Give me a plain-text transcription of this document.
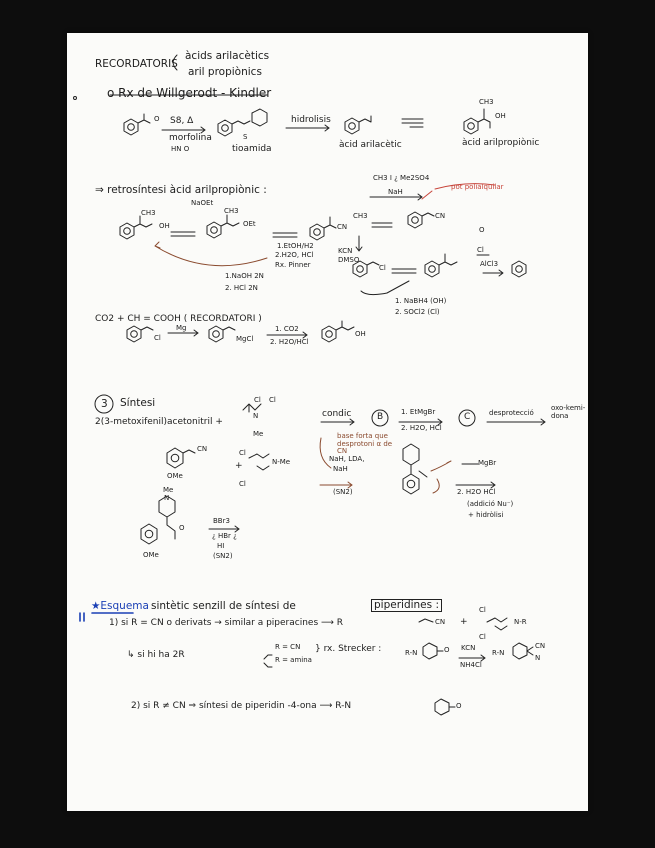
RECORDATORIS
àcids arilacètics
aril propiònics
o Rx de Willgerodt - Kindler
O S8, Δ
morfolina
HN O
S
tioamida
hidrolisis
àcid arilacètic
CH3
OH
àcid arilpropiònic
⇒ retrosíntesi àcid arilpropiònic :
CH3 I ¿ Me2SO4
NaH
pot polialquilar
NaOEt
CH3	CH3
CH3
OH	OEt	CN
CN
1.EtOH/H2
2.H2O, HCl
Rx. Pinner
KCN
DMSO
Cl
Cl
O
AlCl3
1.NaOH 2N
2. HCl 2N
1. NaBH4 (OH)
2. SOCl2 (Cl)
CO2 + CH = COOH ( RECORDATORI )
Cl
Mg
MgCl
1. CO2
2. H2O/HCl
OH
3 Síntesi
2(3-metoxifenil)acetonitril +
Cl Cl
N
Me
condic	B	1. EtMgBr
2. H2O, HCl
C	desprotecció
oxo-kemi-dona
CN
OMe
+
Cl
Cl
N-Me
base forta que desprotoni α de CN
NaH, LDA,
NaH
(SN2)
MgBr
2. H2O HCl
(addició Nu⁻)
+ hidròlisi
Me
N
O
BBr3
¿ HBr ¿
HI
(SN2)
OMe
★Esquema sintètic senzill de síntesi de	piperidines :
1) si R = CN o derivats → similar a piperacines ⟶ R	CN +
Cl
Cl
N-R
↳ si hi ha 2R
R = CN
R = amina
} rx. Strecker :	R-N	O KCN
NH4Cl
R-N
CN
N
2) si R ≠ CN ⇒ síntesi de piperidin -4-ona ⟶ R-N	O
